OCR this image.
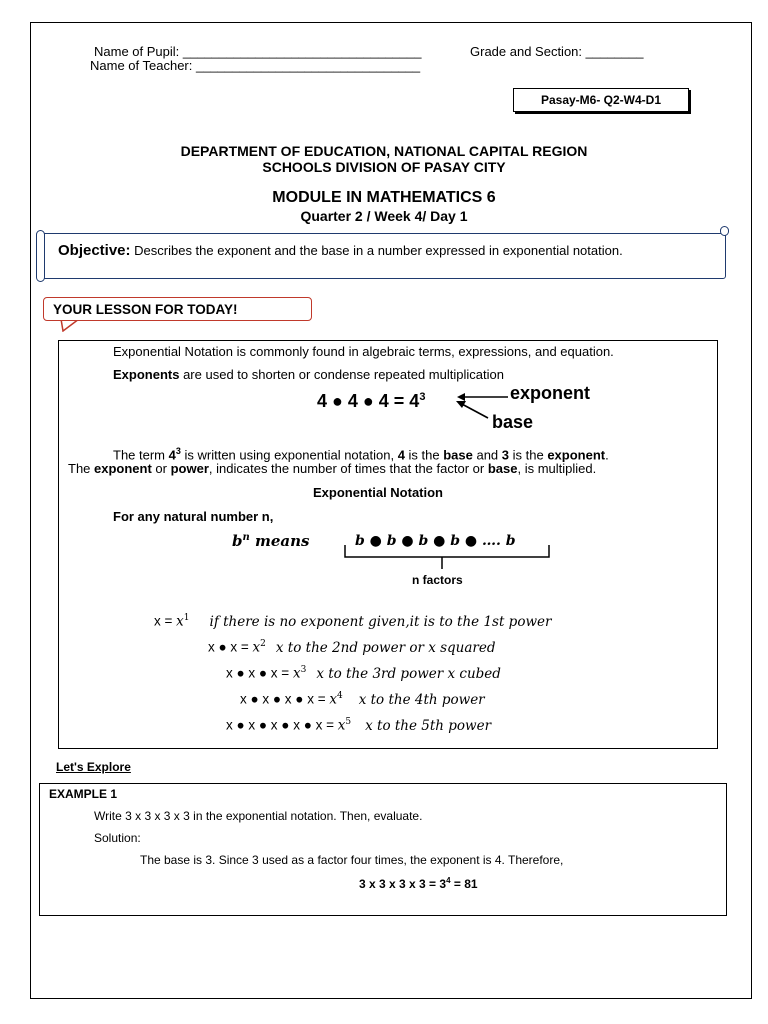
Name of Pupil: _________________________________	Grade and Section: ________
Name of Teacher: _______________________________
Pasay-M6- Q2-W4-D1
DEPARTMENT OF EDUCATION, NATIONAL CAPITAL REGION
SCHOOLS DIVISION OF PASAY CITY
MODULE IN MATHEMATICS 6
Quarter 2 / Week 4/ Day 1
Objective: Describes the exponent and the base in a number expressed in exponential notation.
YOUR LESSON FOR TODAY!
Exponential Notation is commonly found in algebraic terms, expressions, and equation.
Exponents are used to shorten or condense repeated multiplication
4 ● 4 ● $4 = 4^3$	exponent
base
The term $4^3$ is written using exponential notation, 4 is the base and 3 is the exponent.
The exponent or power, indicates the number of times that the factor or base, is multiplied.
Exponential Notation
For any natural number n,
$b^n$ means	b ● b ● b ● b ● …. b
n factors
$x = x^1$ if there is no exponent given,it is to the 1st power
x ● $x = x^2$ x to the 2nd power or x squared
x ● x ● $x = x^3$ x to the 3rd power x cubed
x ● x ● x ● $x = x^4$ x to the 4th power
x ● x ● x ● x ● $x = x^5$ x to the 5th power
Let's Explore
EXAMPLE 1
Write 3 x 3 x 3 x 3 in the exponential notation. Then, evaluate.
Solution:
The base is 3. Since 3 used as a factor four times, the exponent is 4. Therefore,
3 x 3 x 3 x $3 = 3^4 = 81$
